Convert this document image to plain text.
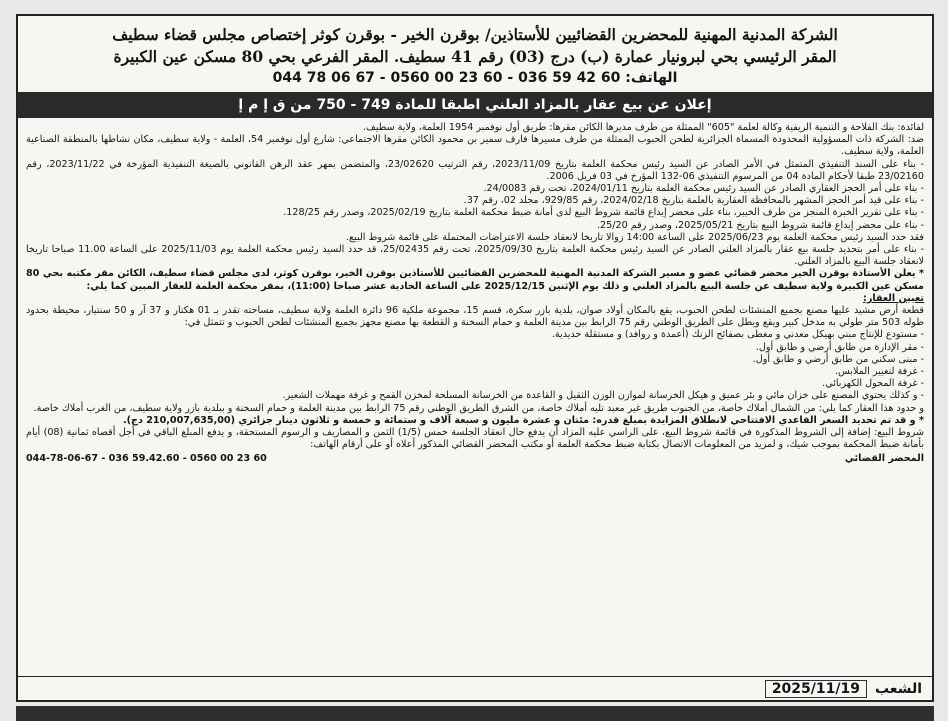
الشركة المدنية المهنية للمحضرين القضائيين للأستاذين/ بوقرن الخير - بوقرن كوثر إختصاص مجلس قضاء سطيف
المقر الرئيسي بحي لبرونيار عمارة (ب) درج (03) رقم 41 سطيف. المقر الفرعي بحي 80 مسكن عين الكبيرة
الهاتف: 60 42 59 036 - 60 23 00 0560 - 67 06 78 044
إعلان عن بيع عقار بالمزاد العلني اطبقا للمادة 749 - 750 من ق إ م إ

لفائدة: بنك الفلاحة و التنمية الريفية وكالة لعلمة "605" الممثلة من طرف مديرها الكائن مقرها: طريق أول نوفمبر 1954 العلمة، ولاية سطيف.

ضد: الشركة ذات المسؤولية المحدودة المسماة الجزائرية لطحن الحبوب الممثلة من طرف مسيرها فارف سمير بن محمود الكائن مقرها الاجتماعي: شارع أول نوفمبر 54، العلمة - ولاية سطيف، مكان نشاطها بالمنطقة الصناعية العلمة، ولاية سطيف.

- بناء على السند التنفيذي المتمثل في الأمر الصادر عن السيد رئيس محكمة العلمة بتاريخ 2023/11/09، رقم الترتيب 23/02620، والمتضمن بمهر عقد الرهن القانوني بالصيغة التنفيذية المؤرخة في 2023/11/22، رقم 23/02160 طبقا لأحكام المادة 04 من المرسوم التنفيذي 06-132 المؤرخ في 03 فريل 2006.

- بناء على أمر الحجز العقاري الصادر عن السيد رئيس محكمة العلمة بتاريخ 2024/01/11، تحت رقم 24/0083.

- بناء على قيد أمر الحجز المشهر بالمحافظة العقارية بالعلمة بتاريخ 2024/02/18، رقم 929/85، مجلد 02، رقم 37.

- بناء على تقرير الخبرة المنجز من طرف الخبير، بناء على محضر إيداع قائمة شروط البيع لدى أمانة ضبط محكمة العلمة بتاريخ 2025/02/19، وصدر رقم 128/25.

- بناء على محضر إيداع قائمة شروط البيع بتاريخ 2025/05/21، وصدر رقم 25/20.

فقد حدد السيد رئيس محكمة العلمة يوم 2025/06/23 على الساعة 14:00 زوالا تاريخا لانعقاد جلسة الاعتراضات المحتملة على قائمة شروط البيع.

- بناء على أمر بتحديد جلسة بيع عقار بالمزاد العلني الصادر عن السيد رئيس محكمة العلمة بتاريخ 2025/09/30، تحت رقم 25/02435، قد حدد السيد رئيس محكمة العلمة يوم 2025/11/03 على الساعة 11.00 صباحا تاريخا لانعقاد جلسة البيع بالمزاد العلني.

* يعلن الأستاذة بوقرن الخير محضر قضائي عضو و مسير الشركة المدنية المهنية للمحضرين القضائيين للأستاذين بوقرن الخير، بوقرن كوثر، لدى مجلس قضاء سطيف، الكائن مقر مكتبه بحي 80 مسكن عين الكبيرة ولاية سطيف عن جلسة البيع بالمزاد العلني و ذلك يوم الإثنين 2025/12/15 على الساعة الحادية عشر صباحا (11:00)، بمقر محكمة العلمة للعقار المبين كما يلي:

تعيين العقار:

قطعة أرض مشيد عليها مصنع بجميع المنشئات لطحن الحبوب، يقع بالمكان أولاد صوان، بلدية بازر سكرة، قسم 15، مجموعة ملكية 96 دائرة العلمة ولاية سطيف، مساحته تقدر بـ 01 هكتار و 37 آر و 50 سنتيار، محيطة بحدود طوله 503 متر طولي به مدخل كبير ويقع ويطل على الطريق الوطني رقم 75 الرابط بين مدينة العلمة و حمام السخنة و القطعة بها مصنع مجهز بجميع المنشئات لطحن الحبوب و تتمثل في:

- مستودع للإنتاج مبني بهيكل معدني و مغطى بصفائح الزنك (أعمدة و روافد) و مستقلة حديدية.

- مقر الإدارة من طابق أرضي و طابق أول.

- مبنى سكني من طابق أرضي و طابق أول.

- غرفة لتغيير الملابس.

- غرفة المحول الكهربائي.

- و كذلك يحتوي المصنع على خزان مائي و بئر عميق و هيكل الخرسانة لموازن الوزن الثقيل و القاعدة من الخرسانة المسلحة لمخزن القمح و غرفة مهملات الشعير.

و حدود هذا العقار كما يلي: من الشمال أملاك خاصة، من الجنوب طريق غير معبد تليه أملاك خاصة، من الشرق الطريق الوطني رقم 75 الرابط بين مدينة العلمة و حمام السخنة و ببلدية بازر ولاية سطيف، من الغرب أملاك خاصة.

* و قد تم تحديد السعر القاعدي الافتتاحي لانطلاق المزايدة بمبلغ قدره: مئتان و عشرة مليون و سبعة آلاف و ستمائة و خمسة و ثلاثون دينار جزائري (210,007,635,00 دج).

شروط البيع: إضافة إلى الشروط المذكورة في قائمة شروط البيع، على الراسي عليه المزاد أن يدفع حال انعقاد الجلسة خمس (1/5) الثمن و المصاريف و الرسوم المستحقة، و يدفع المبلغ الباقي في أجل أقصاه ثمانية (08) أيام بأمانة ضبط المحكمة بموجب شيك، و لمزيد من المعلومات الاتصال بكتابة ضبط محكمة العلمة أو مكتب المحضر القضائي المذكور أعلاه أو على أرقام الهاتف:

المحضر القضائي
044-78-06-67 - 036 59.42.60 - 0560 00 23 60
2025/11/19	الشعب
